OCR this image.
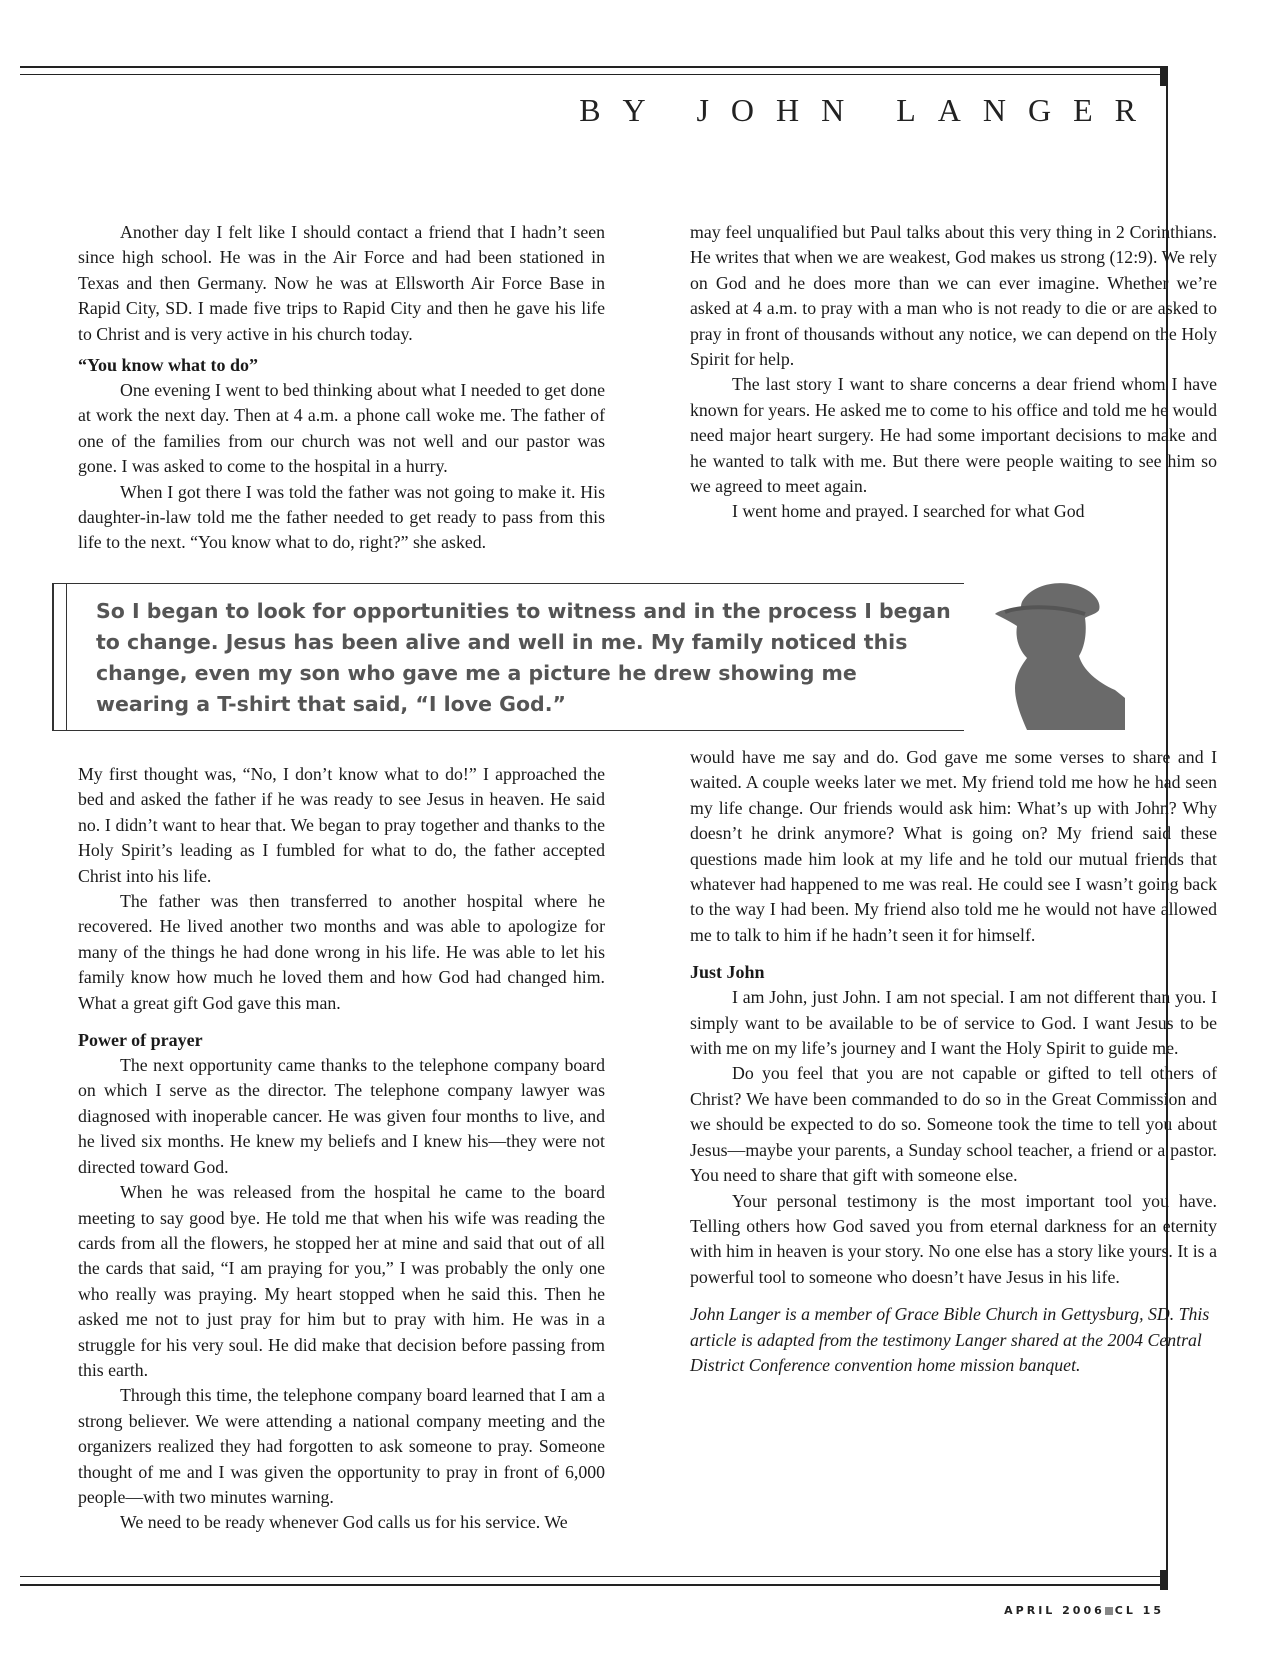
BY JOHN LANGER

Another day I felt like I should contact a friend that I hadn’t seen since high school. He was in the Air Force and had been stationed in Texas and then Germany. Now he was at Ellsworth Air Force Base in Rapid City, SD. I made five trips to Rapid City and then he gave his life to Christ and is very active in his church today.

“You know what to do”

One evening I went to bed thinking about what I needed to get done at work the next day. Then at 4 a.m. a phone call woke me. The father of one of the families from our church was not well and our pastor was gone. I was asked to come to the hospital in a hurry.

When I got there I was told the father was not going to make it. His daughter-in-law told me the father needed to get ready to pass from this life to the next. “You know what to do, right?” she asked.

may feel unqualified but Paul talks about this very thing in 2 Corinthians. He writes that when we are weakest, God makes us strong (12:9). We rely on God and he does more than we can ever imagine. Whether we’re asked at 4 a.m. to pray with a man who is not ready to die or are asked to pray in front of thousands without any notice, we can depend on the Holy Spirit for help.

The last story I want to share concerns a dear friend whom I have known for years. He asked me to come to his office and told me he would need major heart surgery. He had some important decisions to make and he wanted to talk with me. But there were people waiting to see him so we agreed to meet again.

I went home and prayed. I searched for what God

So I began to look for opportunities to witness and in the process I began to change. Jesus has been alive and well in me. My family noticed this change, even my son who gave me a picture he drew showing me wearing a T-shirt that said, “I love God.”

My first thought was, “No, I don’t know what to do!” I approached the bed and asked the father if he was ready to see Jesus in heaven. He said no. I didn’t want to hear that. We began to pray together and thanks to the Holy Spirit’s leading as I fumbled for what to do, the father accepted Christ into his life.

The father was then transferred to another hospital where he recovered. He lived another two months and was able to apologize for many of the things he had done wrong in his life. He was able to let his family know how much he loved them and how God had changed him. What a great gift God gave this man.

Power of prayer

The next opportunity came thanks to the telephone company board on which I serve as the director. The telephone company lawyer was diagnosed with inoperable cancer. He was given four months to live, and he lived six months. He knew my beliefs and I knew his—they were not directed toward God.

When he was released from the hospital he came to the board meeting to say good bye. He told me that when his wife was reading the cards from all the flowers, he stopped her at mine and said that out of all the cards that said, “I am praying for you,” I was probably the only one who really was praying. My heart stopped when he said this. Then he asked me not to just pray for him but to pray with him. He was in a struggle for his very soul. He did make that decision before passing from this earth.

Through this time, the telephone company board learned that I am a strong believer. We were attending a national company meeting and the organizers realized they had forgotten to ask someone to pray. Someone thought of me and I was given the opportunity to pray in front of 6,000 people—with two minutes warning.

We need to be ready whenever God calls us for his service. We

would have me say and do. God gave me some verses to share and I waited. A couple weeks later we met. My friend told me how he had seen my life change. Our friends would ask him: What’s up with John? Why doesn’t he drink anymore? What is going on? My friend said these questions made him look at my life and he told our mutual friends that whatever had happened to me was real. He could see I wasn’t going back to the way I had been. My friend also told me he would not have allowed me to talk to him if he hadn’t seen it for himself.

Just John

I am John, just John. I am not special. I am not different than you. I simply want to be available to be of service to God. I want Jesus to be with me on my life’s journey and I want the Holy Spirit to guide me.

Do you feel that you are not capable or gifted to tell others of Christ? We have been commanded to do so in the Great Commission and we should be expected to do so. Someone took the time to tell you about Jesus—maybe your parents, a Sunday school teacher, a friend or a pastor. You need to share that gift with someone else.

Your personal testimony is the most important tool you have. Telling others how God saved you from eternal darkness for an eternity with him in heaven is your story. No one else has a story like yours. It is a powerful tool to someone who doesn’t have Jesus in his life.

John Langer is a member of Grace Bible Church in Gettysburg, SD. This article is adapted from the testimony Langer shared at the 2004 Central District Conference convention home mission banquet.

APRIL 2006 CL 15
